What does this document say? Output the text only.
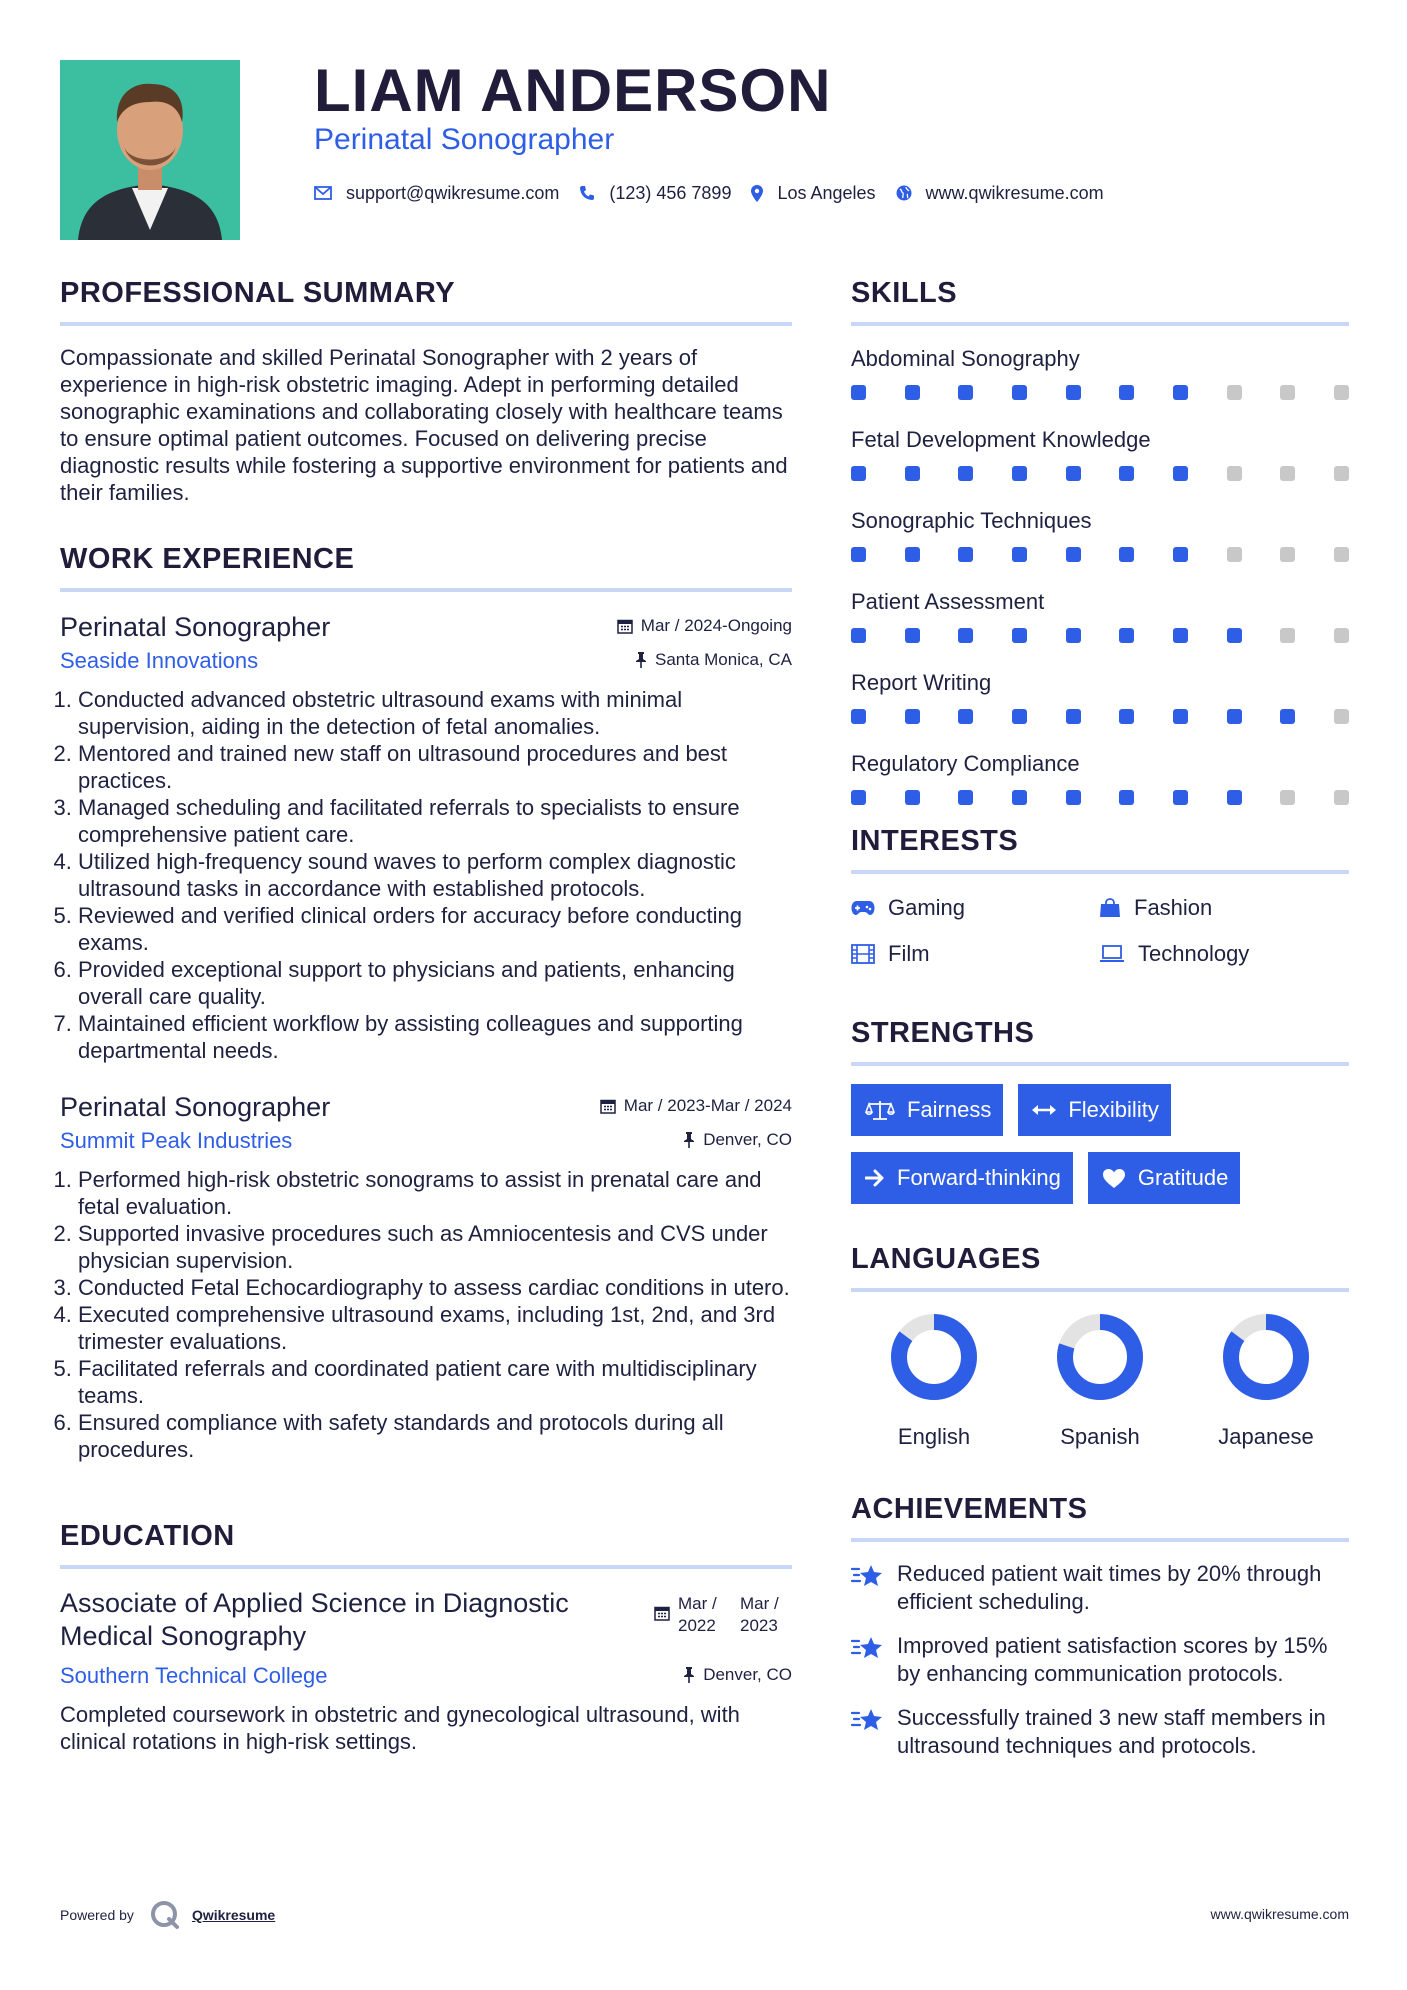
LIAM ANDERSON
Perinatal Sonographer
support@qwikresume.com	(123) 456 7899	Los Angeles	www.qwikresume.com
PROFESSIONAL SUMMARY

Compassionate and skilled Perinatal Sonographer with 2 years of experience in high-risk obstetric imaging. Adept in performing detailed sonographic examinations and collaborating closely with healthcare teams to ensure optimal patient outcomes. Focused on delivering precise diagnostic results while fostering a supportive environment for patients and their families.

WORK EXPERIENCE
Perinatal Sonographer
Seaside Innovations
Mar / 2024-Ongoing
Santa Monica, CA
1. Conducted advanced obstetric ultrasound exams with minimal supervision, aiding in the detection of fetal anomalies.
2. Mentored and trained new staff on ultrasound procedures and best practices.
3. Managed scheduling and facilitated referrals to specialists to ensure comprehensive patient care.
4. Utilized high-frequency sound waves to perform complex diagnostic ultrasound tasks in accordance with established protocols.
5. Reviewed and verified clinical orders for accuracy before conducting exams.
6. Provided exceptional support to physicians and patients, enhancing overall care quality.
7. Maintained efficient workflow by assisting colleagues and supporting departmental needs.
Perinatal Sonographer
Summit Peak Industries
Mar / 2023-Mar / 2024
Denver, CO
1. Performed high-risk obstetric sonograms to assist in prenatal care and fetal evaluation.
2. Supported invasive procedures such as Amniocentesis and CVS under physician supervision.
3. Conducted Fetal Echocardiography to assess cardiac conditions in utero.
4. Executed comprehensive ultrasound exams, including 1st, 2nd, and 3rd trimester evaluations.
5. Facilitated referrals and coordinated patient care with multidisciplinary teams.
6. Ensured compliance with safety standards and protocols during all procedures.
EDUCATION
Associate of Applied Science in Diagnostic Medical Sonography
Southern Technical College
Mar / 2022
Mar / 2023
Denver, CO
Completed coursework in obstetric and gynecological ultrasound, with clinical rotations in high-risk settings.
SKILLS
Abdominal Sonography
Fetal Development Knowledge
Sonographic Techniques
Patient Assessment
Report Writing
Regulatory Compliance
INTERESTS
Gaming	Fashion
Film	Technology
STRENGTHS
Fairness	Flexibility
Forward-thinking	Gratitude
LANGUAGES
English	Spanish	Japanese
ACHIEVEMENTS
Reduced patient wait times by 20% through efficient scheduling.
Improved patient satisfaction scores by 15% by enhancing communication protocols.
Successfully trained 3 new staff members in ultrasound techniques and protocols.
Powered by	Qwikresume	www.qwikresume.com
